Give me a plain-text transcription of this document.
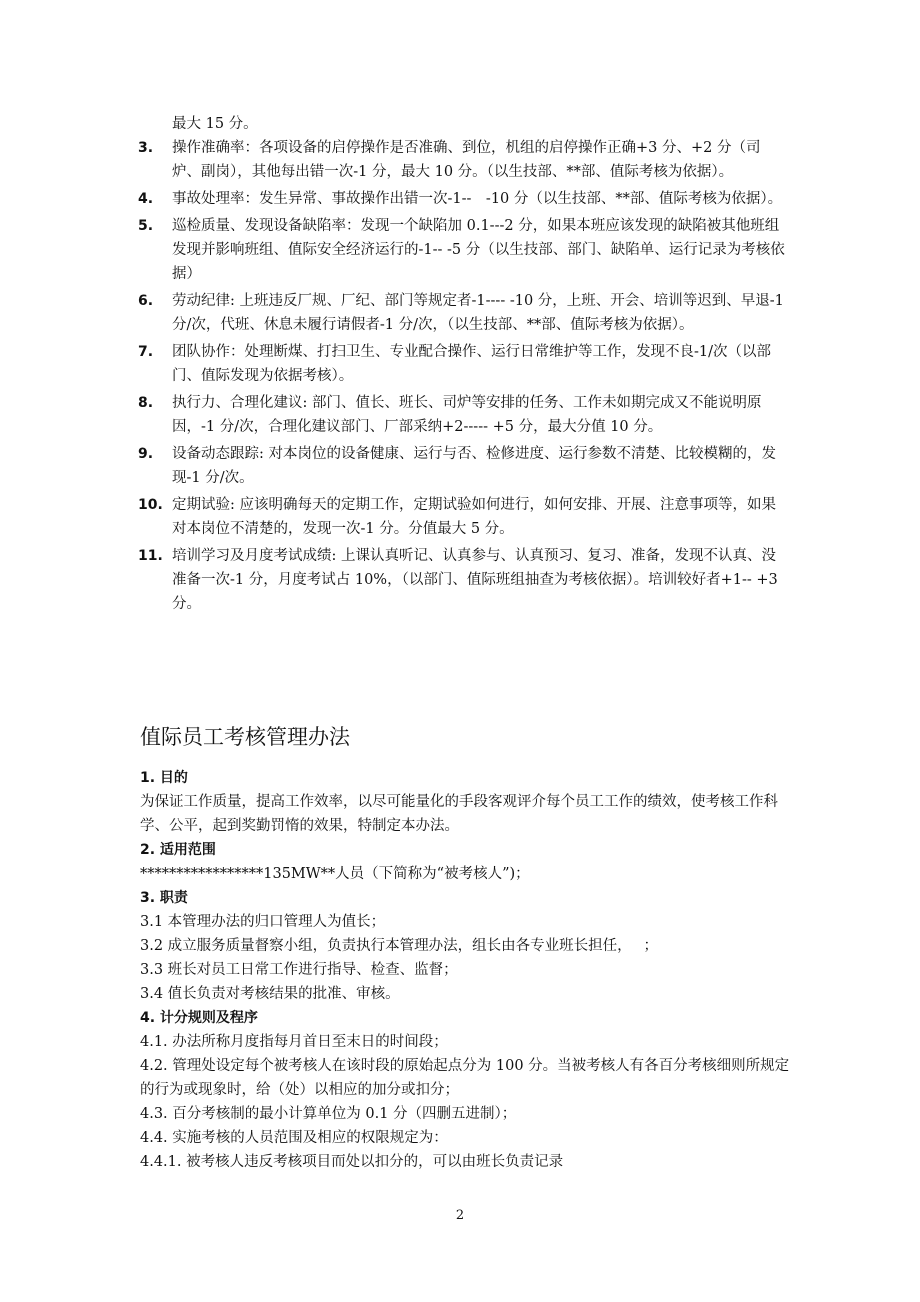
最大 15 分。
3.	操作准确率：各项设备的启停操作是否准确、到位，机组的启停操作正确+3 分、+2 分（司炉、副岗），其他每出错一次-1 分，最大 10 分。（以生技部、**部、值际考核为依据）。
4.	事故处理率：发生异常、事故操作出错一次-1--　-10 分（以生技部、**部、值际考核为依据）。
5.	巡检质量、发现设备缺陷率：发现一个缺陷加 0.1---2 分，如果本班应该发现的缺陷被其他班组发现并影响班组、值际安全经济运行的-1-- -5 分（以生技部、部门、缺陷单、运行记录为考核依据）
6.	劳动纪律: 上班违反厂规、厂纪、部门等规定者-1---- -10 分，上班、开会、培训等迟到、早退-1 分/次，代班、休息未履行请假者-1 分/次，（以生技部、**部、值际考核为依据）。
7.	团队协作：处理断煤、打扫卫生、专业配合操作、运行日常维护等工作，发现不良-1/次（以部门、值际发现为依据考核）。
8.	执行力、合理化建议: 部门、值长、班长、司炉等安排的任务、工作未如期完成又不能说明原因，-1 分/次，合理化建议部门、厂部采纳+2----- +5 分，最大分值 10 分。
9.	设备动态跟踪: 对本岗位的设备健康、运行与否、检修进度、运行参数不清楚、比较模糊的，发现-1 分/次。
10. 定期试验: 应该明确每天的定期工作，定期试验如何进行，如何安排、开展、注意事项等，如果对本岗位不清楚的，发现一次-1 分。分值最大 5 分。
11. 培训学习及月度考试成绩: 上课认真听记、认真参与、认真预习、复习、准备，发现不认真、没准备一次-1 分，月度考试占 10%，（以部门、值际班组抽查为考核依据）。培训较好者+1-- +3 分。
值际员工考核管理办法
1. 目的
为保证工作质量，提高工作效率，以尽可能量化的手段客观评介每个员工工作的绩效，使考核工作科学、公平，起到奖勤罚惰的效果，特制定本办法。
2. 适用范围
*****************135MW**人员（下简称为“被考核人”)；
3. 职责
3.1 本管理办法的归口管理人为值长；
3.2 成立服务质量督察小组，负责执行本管理办法，组长由各专业班长担任，　 ；
3.3 班长对员工日常工作进行指导、检查、监督；
3.4 值长负责对考核结果的批准、审核。
4. 计分规则及程序
4.1. 办法所称月度指每月首日至末日的时间段；
4.2. 管理处设定每个被考核人在该时段的原始起点分为 100 分。当被考核人有各百分考核细则所规定的行为或现象时，给（处）以相应的加分或扣分；
4.3. 百分考核制的最小计算单位为 0.1 分（四删五进制）；
4.4. 实施考核的人员范围及相应的权限规定为：
4.4.1. 被考核人违反考核项目而处以扣分的，可以由班长负责记录
2
